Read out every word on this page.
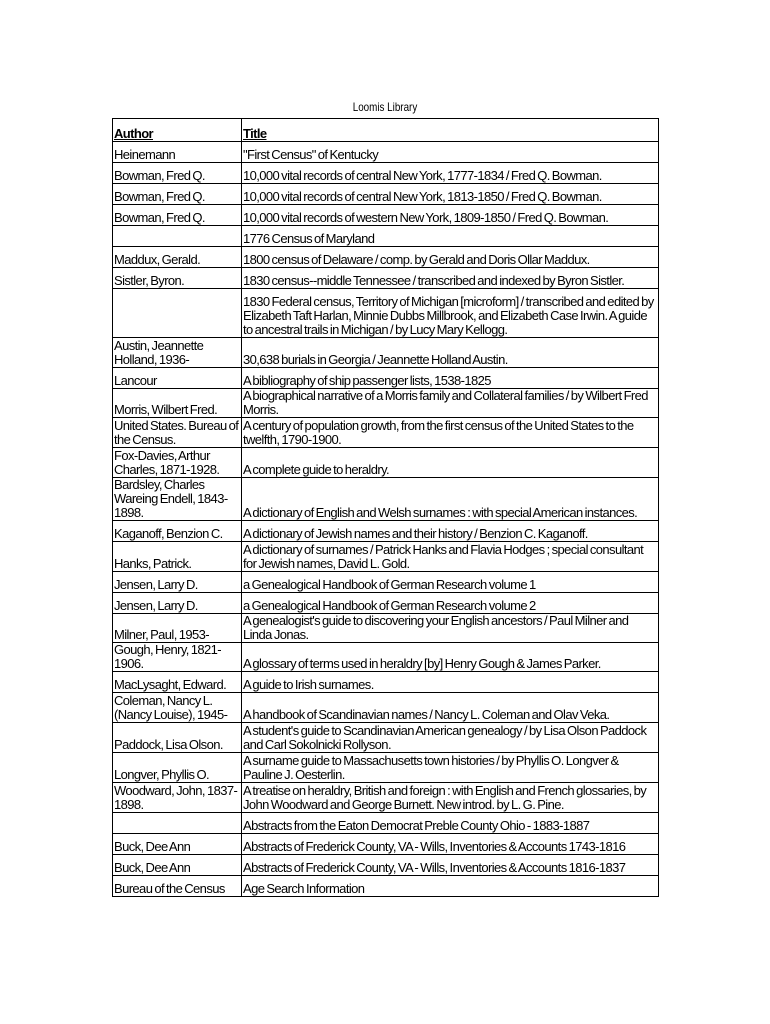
Loomis Library
Author	Title

Heinemann	"First Census" of Kentucky

Bowman, Fred Q.	10,000 vital records of central New York, 1777-1834 / Fred Q. Bowman.

Bowman, Fred Q.	10,000 vital records of central New York, 1813-1850 / Fred Q. Bowman.

Bowman, Fred Q.	10,000 vital records of western New York, 1809-1850 / Fred Q. Bowman.

	1776 Census of Maryland

Maddux, Gerald.	1800 census of Delaware / comp. by Gerald and Doris Ollar Maddux.

Sistler, Byron.	1830 census--middle Tennessee / transcribed and indexed by Byron Sistler.

	1830 Federal census, Territory of Michigan [microform] / transcribed and edited by Elizabeth Taft Harlan, Minnie Dubbs Millbrook, and Elizabeth Case Irwin. A guide to ancestral trails in Michigan / by Lucy Mary Kellogg.

Austin, Jeannette Holland, 1936-	30,638 burials in Georgia / Jeannette Holland Austin.

Lancour	A bibliography of ship passenger lists, 1538-1825

Morris, Wilbert Fred.	A biographical narrative of a Morris family and Collateral families / by Wilbert Fred Morris.

United States. Bureau of the Census.	A century of population growth, from the first census of the United States to the twelfth, 1790-1900.

Fox-Davies, Arthur Charles, 1871-1928.	A complete guide to heraldry.

Bardsley, Charles Wareing Endell, 1843-1898.	A dictionary of English and Welsh surnames : with special American instances.

Kaganoff, Benzion C.	A dictionary of Jewish names and their history / Benzion C. Kaganoff.

Hanks, Patrick.	A dictionary of surnames / Patrick Hanks and Flavia Hodges ; special consultant for Jewish names, David L. Gold.

Jensen, Larry D.	a Genealogical Handbook of German Research volume 1

Jensen, Larry D.	a Genealogical Handbook of German Research volume 2

Milner, Paul, 1953-	A genealogist's guide to discovering your English ancestors / Paul Milner and Linda Jonas.

Gough, Henry, 1821-1906.	A glossary of terms used in heraldry [by] Henry Gough & James Parker.

MacLysaght, Edward.	A guide to Irish surnames.

Coleman, Nancy L. (Nancy Louise), 1945-	A handbook of Scandinavian names / Nancy L. Coleman and Olav Veka.

Paddock, Lisa Olson.	A student's guide to Scandinavian American genealogy / by Lisa Olson Paddock and Carl Sokolnicki Rollyson.

Longver, Phyllis O.	A surname guide to Massachusetts town histories / by Phyllis O. Longver & Pauline J. Oesterlin.

Woodward, John, 1837-1898.	A treatise on heraldry, British and foreign : with English and French glossaries, by John Woodward and George Burnett. New introd. by L. G. Pine.

	Abstracts from the Eaton Democrat Preble County Ohio - 1883-1887

Buck, Dee Ann	Abstracts of Frederick County, VA - Wills, Inventories & Accounts 1743-1816

Buck, Dee Ann	Abstracts of Frederick County, VA - Wills, Inventories & Accounts 1816-1837

Bureau of the Census	Age Search Information
